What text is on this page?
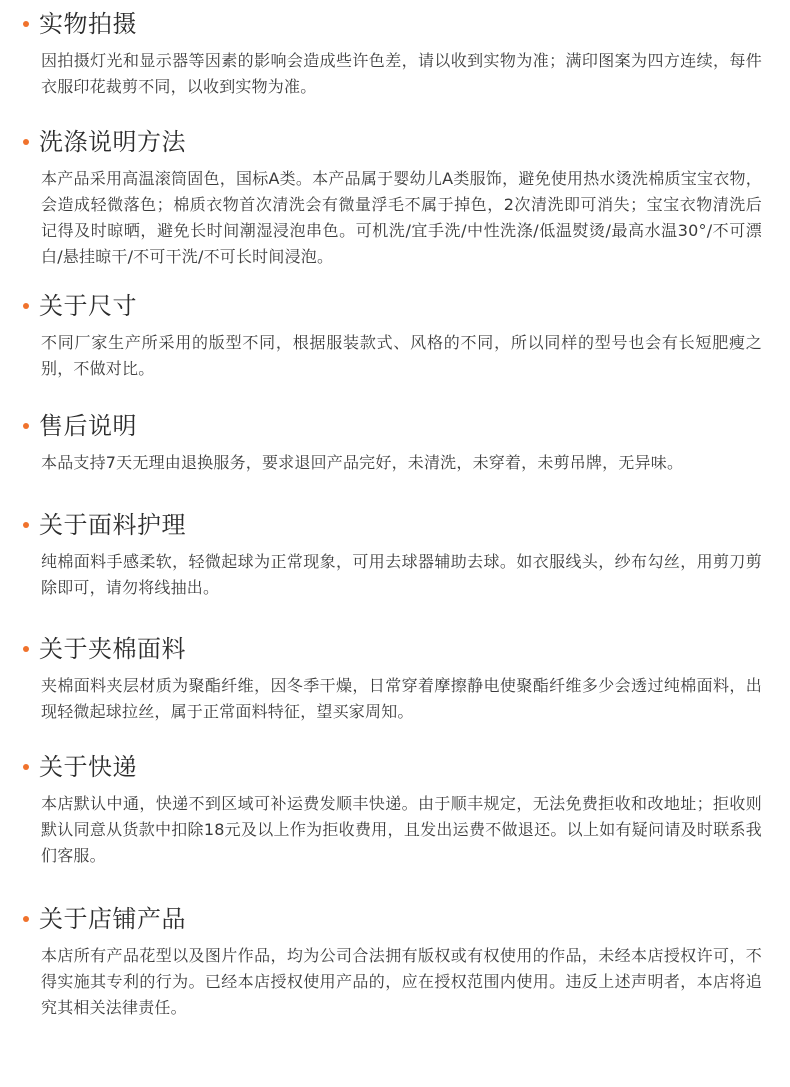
实物拍摄
因拍摄灯光和显示器等因素的影响会造成些许色差，请以收到实物为准；满印图案为四方连续，每件衣服印花裁剪不同，以收到实物为准。
洗涤说明方法
本产品采用高温滚筒固色，国标A类。本产品属于婴幼儿A类服饰，避免使用热水烫洗棉质宝宝衣物，会造成轻微落色；棉质衣物首次清洗会有微量浮毛不属于掉色，2次清洗即可消失；宝宝衣物清洗后记得及时晾晒，避免长时间潮湿浸泡串色。可机洗/宜手洗/中性洗涤/低温熨烫/最高水温30°/不可漂白/悬挂晾干/不可干洗/不可长时间浸泡。
关于尺寸
不同厂家生产所采用的版型不同，根据服装款式、风格的不同，所以同样的型号也会有长短肥瘦之别，不做对比。
售后说明
本品支持7天无理由退换服务，要求退回产品完好，未清洗，未穿着，未剪吊牌，无异味。
关于面料护理
纯棉面料手感柔软，轻微起球为正常现象，可用去球器辅助去球。如衣服线头，纱布勾丝，用剪刀剪除即可，请勿将线抽出。
关于夹棉面料
夹棉面料夹层材质为聚酯纤维，因冬季干燥，日常穿着摩擦静电使聚酯纤维多少会透过纯棉面料，出现轻微起球拉丝，属于正常面料特征，望买家周知。
关于快递
本店默认中通，快递不到区域可补运费发顺丰快递。由于顺丰规定，无法免费拒收和改地址；拒收则默认同意从货款中扣除18元及以上作为拒收费用，且发出运费不做退还。以上如有疑问请及时联系我们客服。
关于店铺产品
本店所有产品花型以及图片作品，均为公司合法拥有版权或有权使用的作品，未经本店授权许可，不得实施其专利的行为。已经本店授权使用产品的，应在授权范围内使用。违反上述声明者，本店将追究其相关法律责任。
